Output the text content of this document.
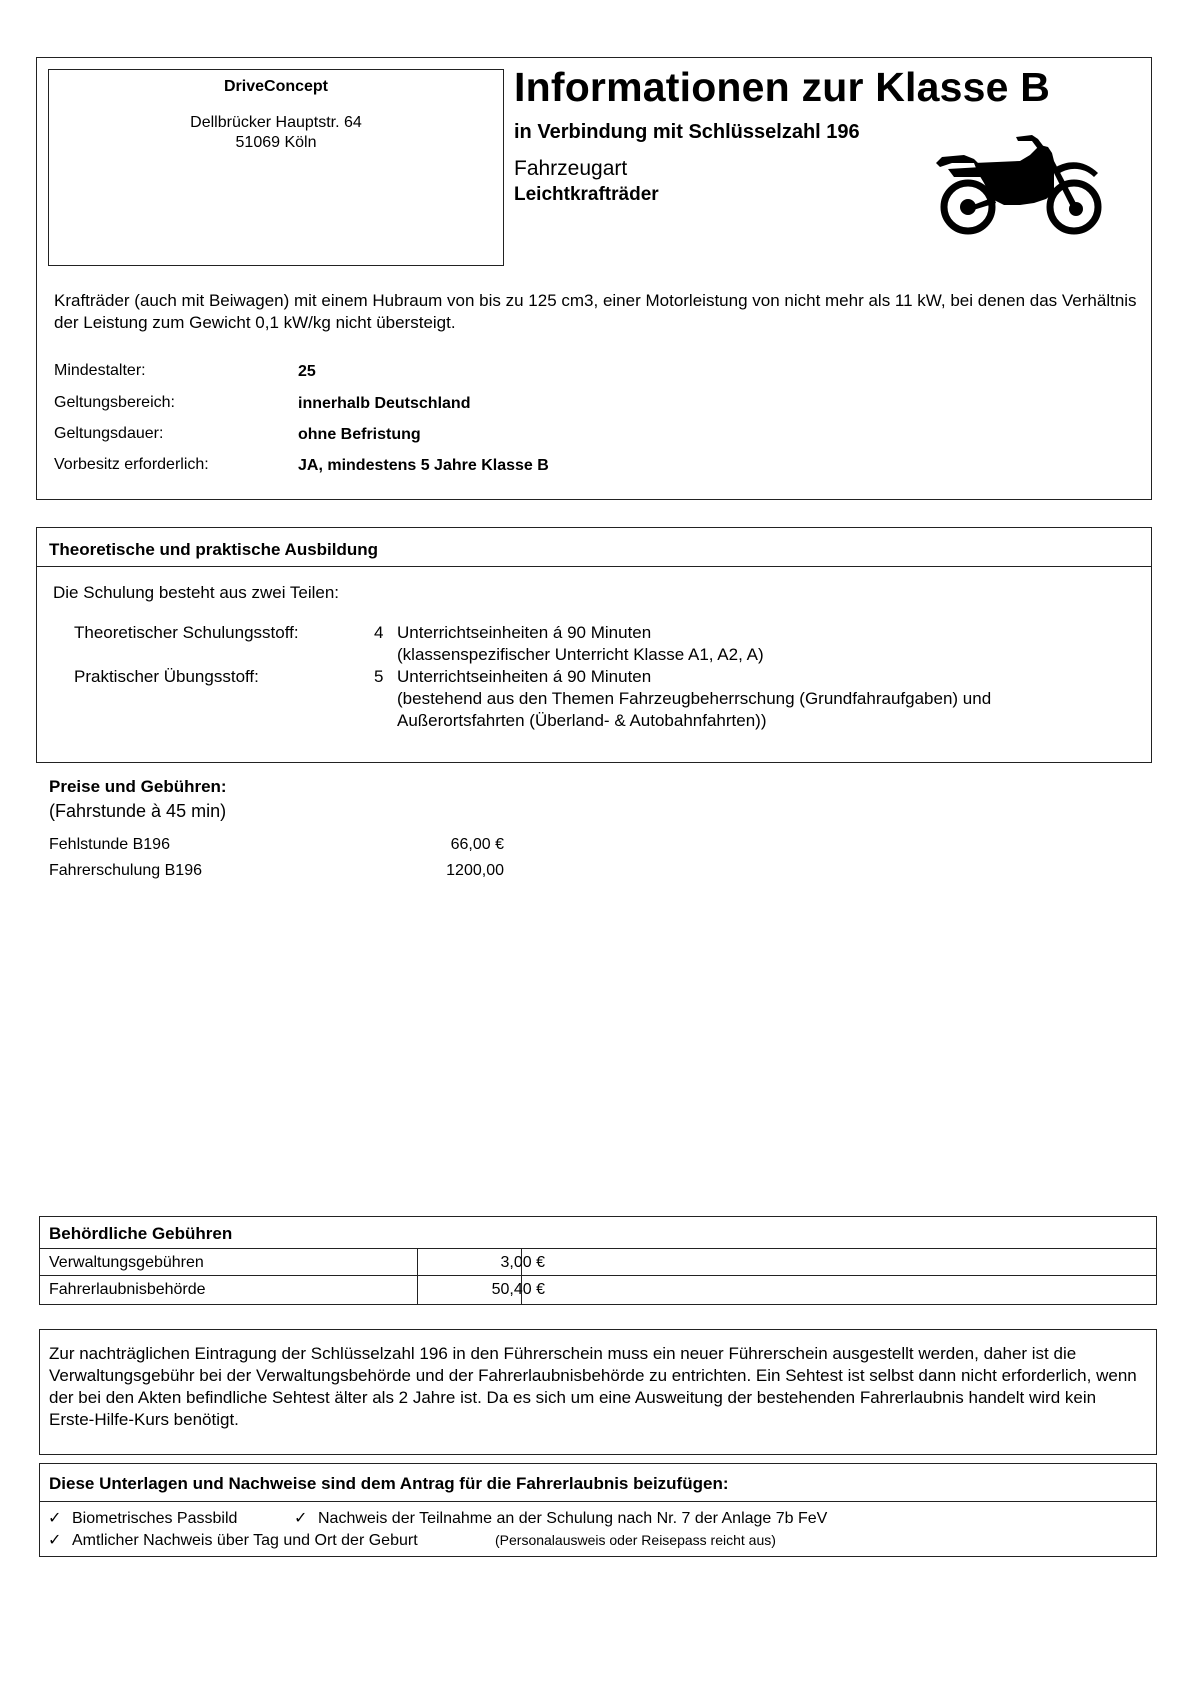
DriveConcept
Dellbrücker Hauptstr. 64
51069 Köln
Informationen zur Klasse B
in Verbindung mit Schlüsselzahl 196
Fahrzeugart
Leichtkrafträder
Krafträder (auch mit Beiwagen) mit einem Hubraum von bis zu 125 cm3, einer Motorleistung von nicht mehr als 11 kW, bei denen das Verhältnis der Leistung zum Gewicht 0,1 kW/kg nicht übersteigt.
Mindestalter:	25
Geltungsbereich:	innerhalb Deutschland
Geltungsdauer:	ohne Befristung
Vorbesitz erforderlich:	JA, mindestens 5 Jahre Klasse B
Theoretische und praktische Ausbildung
Die Schulung besteht aus zwei Teilen:
Theoretischer Schulungsstoff:	4 Unterrichtseinheiten á 90 Minuten
(klassenspezifischer Unterricht Klasse A1, A2, A)
Praktischer Übungsstoff:	5 Unterrichtseinheiten á 90 Minuten
(bestehend aus den Themen Fahrzeugbeherrschung (Grundfahraufgaben) und
Außerortsfahrten (Überland- & Autobahnfahrten))
Preise und Gebühren:
(Fahrstunde à 45 min)
Fehlstunde B196	66,00 €
Fahrerschulung B196	1200,00
Behördliche Gebühren
Verwaltungsgebühren	3,00 €
Fahrerlaubnisbehörde	50,40 €
Zur nachträglichen Eintragung der Schlüsselzahl 196 in den Führerschein muss ein neuer Führerschein ausgestellt werden, daher ist die Verwaltungsgebühr bei der Verwaltungsbehörde und der Fahrerlaubnisbehörde zu entrichten. Ein Sehtest ist selbst dann nicht erforderlich, wenn der bei den Akten befindliche Sehtest älter als 2 Jahre ist. Da es sich um eine Ausweitung der bestehenden Fahrerlaubnis handelt wird kein Erste-Hilfe-Kurs benötigt.
Diese Unterlagen und Nachweise sind dem Antrag für die Fahrerlaubnis beizufügen:
✓ Biometrisches Passbild	✓ Nachweis der Teilnahme an der Schulung nach Nr. 7 der Anlage 7b FeV
✓ Amtlicher Nachweis über Tag und Ort der Geburt	(Personalausweis oder Reisepass reicht aus)
